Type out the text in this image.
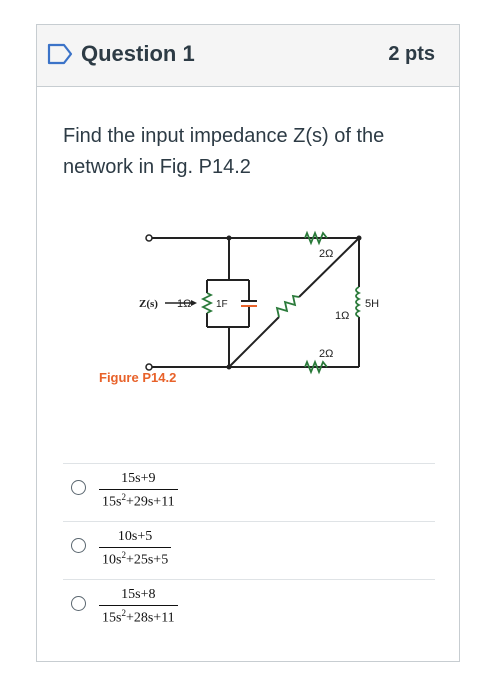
Question 1	2 pts
Find the input impedance Z(s) of the network in Fig. P14.2
Z(s) 1Ω 1F
2Ω
1Ω
2Ω
5H
Figure P14.2
$\frac{15s+9}{15s^2+29s+11}$
$\frac{10s+5}{10s^2+25s+5}$
$\frac{15s+8}{15s^2+28s+11}$
